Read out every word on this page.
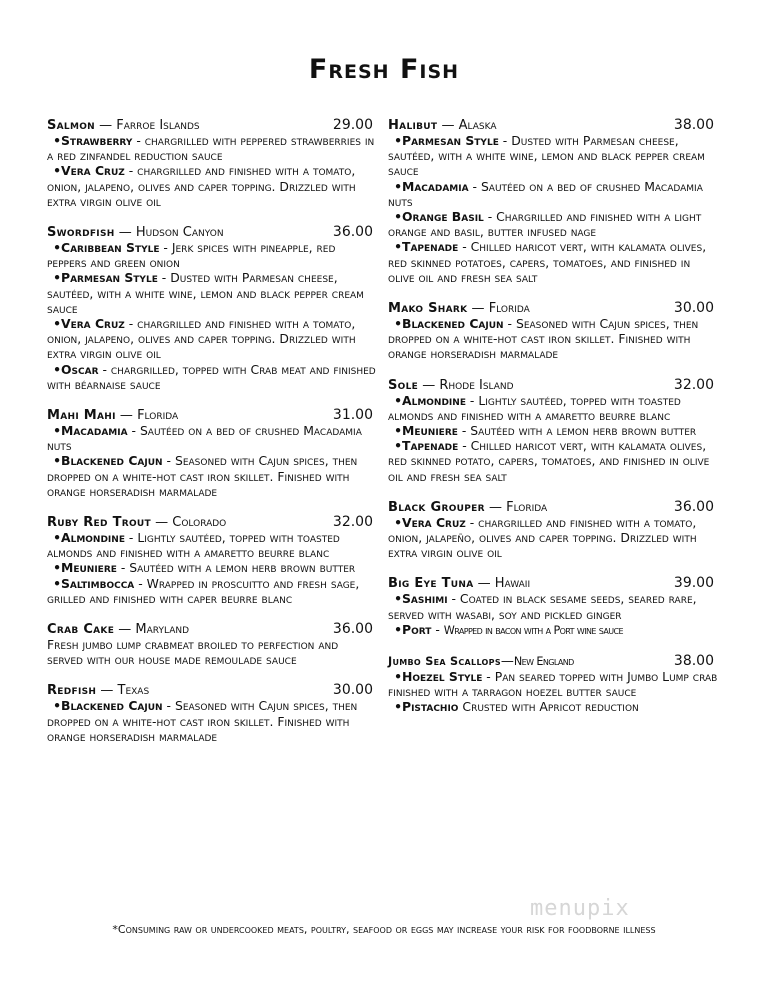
Fresh Fish
Salmon — Farroe Islands	29.00
•Strawberry - chargrilled with peppered strawberries in a red zinfandel reduction sauce
•Vera Cruz - chargrilled and finished with a tomato, onion, jalapeno, olives and caper topping. Drizzled with extra virgin olive oil
Swordfish — Hudson Canyon	36.00
•Caribbean Style - Jerk spices with pineapple, red peppers and green onion
•Parmesan Style - Dusted with Parmesan cheese, sautéed, with a white wine, lemon and black pepper cream sauce
•Vera Cruz - chargrilled and finished with a tomato, onion, jalapeno, olives and caper topping. Drizzled with extra virgin olive oil
•Oscar - chargrilled, topped with Crab meat and finished with béarnaise sauce
Mahi Mahi — Florida	31.00
•Macadamia - Sautéed on a bed of crushed Macadamia nuts
•Blackened Cajun - Seasoned with Cajun spices, then dropped on a white-hot cast iron skillet. Finished with orange horseradish marmalade
Ruby Red Trout — Colorado	32.00
•Almondine - Lightly sautéed, topped with toasted almonds and finished with a amaretto beurre blanc
•Meuniere - Sautéed with a lemon herb brown butter
•Saltimbocca - Wrapped in proscuitto and fresh sage, grilled and finished with caper beurre blanc
Crab Cake — Maryland	36.00
Fresh jumbo lump crabmeat broiled to perfection and served with our house made remoulade sauce
Redfish — Texas	30.00
•Blackened Cajun - Seasoned with Cajun spices, then dropped on a white-hot cast iron skillet. Finished with orange horseradish marmalade
Halibut — Alaska	38.00
•Parmesan Style - Dusted with Parmesan cheese, sautéed, with a white wine, lemon and black pepper cream sauce
•Macadamia - Sautéed on a bed of crushed Macadamia nuts
•Orange Basil - Chargrilled and finished with a light orange and basil, butter infused nage
•Tapenade - Chilled haricot vert, with kalamata olives, red skinned potatoes, capers, tomatoes, and finished in olive oil and fresh sea salt
Mako Shark — Florida	30.00
•Blackened Cajun - Seasoned with Cajun spices, then dropped on a white-hot cast iron skillet. Finished with orange horseradish marmalade
Sole — Rhode Island	32.00
•Almondine - Lightly sautéed, topped with toasted almonds and finished with a amaretto beurre blanc
•Meuniere - Sautéed with a lemon herb brown butter
•Tapenade - Chilled haricot vert, with kalamata olives, red skinned potato, capers, tomatoes, and finished in olive oil and fresh sea salt
Black Grouper — Florida	36.00
•Vera Cruz - chargrilled and finished with a tomato, onion, jalapeño, olives and caper topping. Drizzled with extra virgin olive oil
Big Eye Tuna — Hawaii	39.00
•Sashimi - Coated in black sesame seeds, seared rare, served with wasabi, soy and pickled ginger
•Port - Wrapped in bacon with a Port wine sauce
Jumbo Sea Scallops—New England	38.00
•Hoezel Style - Pan seared topped with Jumbo Lump crab finished with a tarragon hoezel butter sauce
•Pistachio Crusted with Apricot reduction
*Consuming raw or undercooked meats, poultry, seafood or eggs may increase your risk for foodborne illness
menupix
